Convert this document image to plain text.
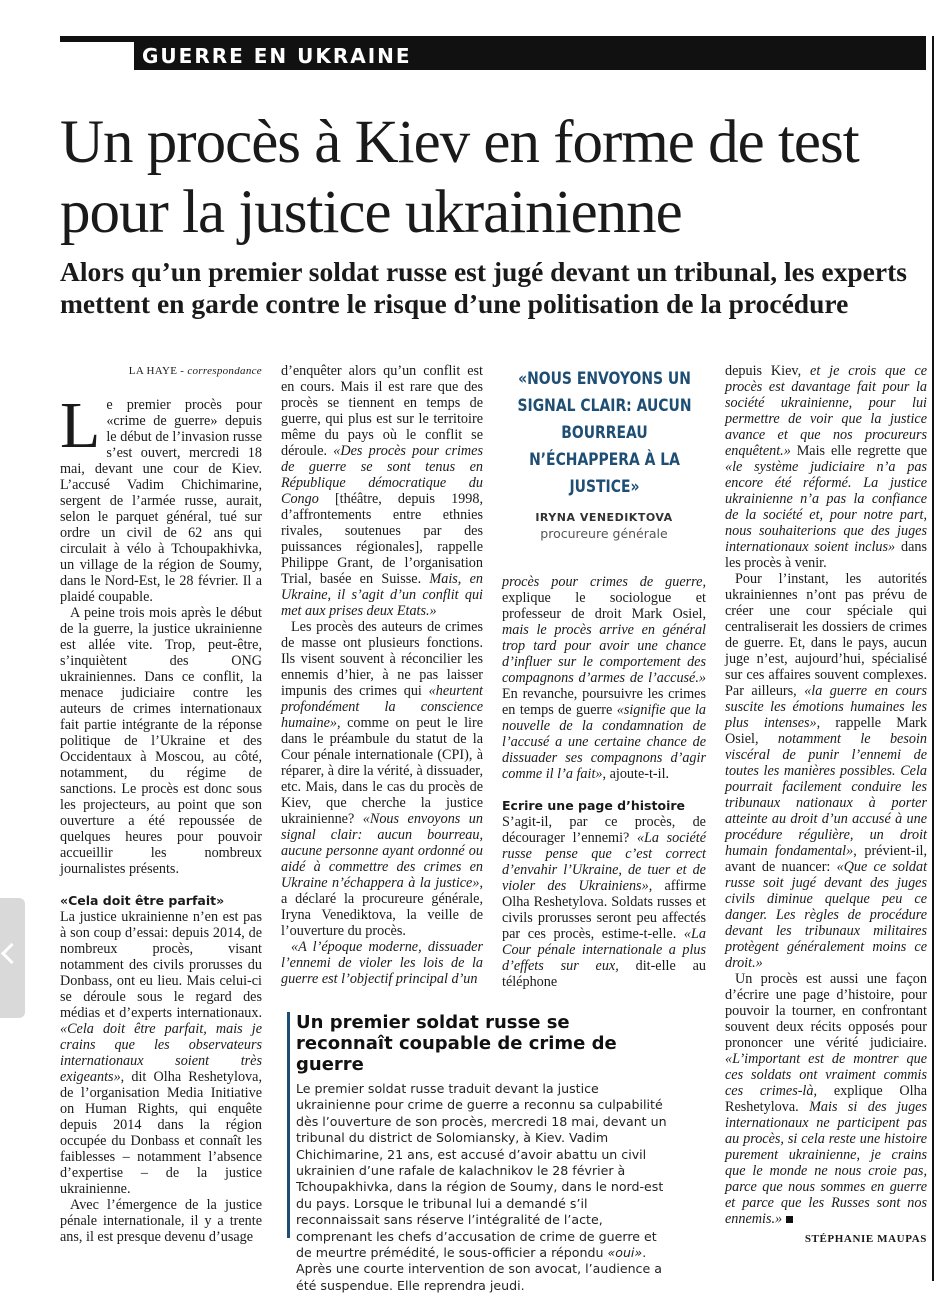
GUERRE EN UKRAINE
Un procès à Kiev en forme de test pour la justice ukrainienne
Alors qu’un premier soldat russe est jugé devant un tribunal, les experts mettent en garde contre le risque d’une politisation de la procédure
LA HAYE - correspondance

Le premier procès pour «crime de guerre» depuis le début de l’invasion russe s’est ouvert, mercredi 18 mai, devant une cour de Kiev. L’accusé Vadim Chichimarine, sergent de l’armée russe, aurait, selon le parquet général, tué sur ordre un civil de 62 ans qui circulait à vélo à Tchoupakhivka, un village de la région de Soumy, dans le Nord-Est, le 28 février. Il a plaidé coupable.

A peine trois mois après le début de la guerre, la justice ukrainienne est allée vite. Trop, peut-être, s’inquiètent des ONG ukrainiennes. Dans ce conflit, la menace judiciaire contre les auteurs de crimes internationaux fait partie intégrante de la réponse politique de l’Ukraine et des Occidentaux à Moscou, au côté, notamment, du régime de sanctions. Le procès est donc sous les projecteurs, au point que son ouverture a été repoussée de quelques heures pour pouvoir accueillir les nombreux journalistes présents.

«Cela doit être parfait»

La justice ukrainienne n’en est pas à son coup d’essai: depuis 2014, de nombreux procès, visant notamment des civils prorusses du Donbass, ont eu lieu. Mais celui-ci se déroule sous le regard des médias et d’experts internationaux. «Cela doit être parfait, mais je crains que les observateurs internationaux soient très exigeants», dit Olha Reshetylova, de l’organisation Media Initiative on Human Rights, qui enquête depuis 2014 dans la région occupée du Donbass et connaît les faiblesses – notamment l’absence d’expertise – de la justice ukrainienne.

Avec l’émergence de la justice pénale internationale, il y a trente ans, il est presque devenu d’usage

d’enquêter alors qu’un conflit est en cours. Mais il est rare que des procès se tiennent en temps de guerre, qui plus est sur le territoire même du pays où le conflit se déroule. «Des procès pour crimes de guerre se sont tenus en République démocratique du Congo [théâtre, depuis 1998, d’affrontements entre ethnies rivales, soutenues par des puissances régionales], rappelle Philippe Grant, de l’organisation Trial, basée en Suisse. Mais, en Ukraine, il s’agit d’un conflit qui met aux prises deux Etats.»

Les procès des auteurs de crimes de masse ont plusieurs fonctions. Ils visent souvent à réconcilier les ennemis d’hier, à ne pas laisser impunis des crimes qui «heurtent profondément la conscience humaine», comme on peut le lire dans le préambule du statut de la Cour pénale internationale (CPI), à réparer, à dire la vérité, à dissuader, etc. Mais, dans le cas du procès de Kiev, que cherche la justice ukrainienne? «Nous envoyons un signal clair: aucun bourreau, aucune personne ayant ordonné ou aidé à commettre des crimes en Ukraine n’échappera à la justice», a déclaré la procureure générale, Iryna Venediktova, la veille de l’ouverture du procès.

«A l’époque moderne, dissuader l’ennemi de violer les lois de la guerre est l’objectif principal d’un

«NOUS ENVOYONS UN SIGNAL CLAIR: AUCUN BOURREAU N’ÉCHAPPERA À LA JUSTICE»
IRYNA VENEDIKTOVA
procureure générale

procès pour crimes de guerre, explique le sociologue et professeur de droit Mark Osiel, mais le procès arrive en général trop tard pour avoir une chance d’influer sur le comportement des compagnons d’armes de l’accusé.» En revanche, poursuivre les crimes en temps de guerre «signifie que la nouvelle de la condamnation de l’accusé a une certaine chance de dissuader ses compagnons d’agir comme il l’a fait», ajoute-t-il.

Ecrire une page d’histoire

S’agit-il, par ce procès, de décourager l’ennemi? «La société russe pense que c’est correct d’envahir l’Ukraine, de tuer et de violer des Ukrainiens», affirme Olha Reshetylova. Soldats russes et civils prorusses seront peu affectés par ces procès, estime-t-elle. «La Cour pénale internationale a plus d’effets sur eux, dit-elle au téléphone

depuis Kiev, et je crois que ce procès est davantage fait pour la société ukrainienne, pour lui permettre de voir que la justice avance et que nos procureurs enquêtent.» Mais elle regrette que «le système judiciaire n’a pas encore été réformé. La justice ukrainienne n’a pas la confiance de la société et, pour notre part, nous souhaiterions que des juges internationaux soient inclus» dans les procès à venir.

Pour l’instant, les autorités ukrainiennes n’ont pas prévu de créer une cour spéciale qui centraliserait les dossiers de crimes de guerre. Et, dans le pays, aucun juge n’est, aujourd’hui, spécialisé sur ces affaires souvent complexes. Par ailleurs, «la guerre en cours suscite les émotions humaines les plus intenses», rappelle Mark Osiel, notamment le besoin viscéral de punir l’ennemi de toutes les manières possibles. Cela pourrait facilement conduire les tribunaux nationaux à porter atteinte au droit d’un accusé à une procédure régulière, un droit humain fondamental», prévient-il, avant de nuancer: «Que ce soldat russe soit jugé devant des juges civils diminue quelque peu ce danger. Les règles de procédure devant les tribunaux militaires protègent généralement moins ce droit.»

Un procès est aussi une façon d’écrire une page d’histoire, pour pouvoir la tourner, en confrontant souvent deux récits opposés pour prononcer une vérité judiciaire. «L’important est de montrer que ces soldats ont vraiment commis ces crimes-là, explique Olha Reshetylova. Mais si des juges internationaux ne participent pas au procès, si cela reste une histoire purement ukrainienne, je crains que le monde ne nous croie pas, parce que nous sommes en guerre et parce que les Russes sont nos ennemis.»

STÉPHANIE MAUPAS
Un premier soldat russe se reconnaît coupable de crime de guerre

Le premier soldat russe traduit devant la justice ukrainienne pour crime de guerre a reconnu sa culpabilité dès l’ouverture de son procès, mercredi 18 mai, devant un tribunal du district de Solomiansky, à Kiev. Vadim Chichimarine, 21 ans, est accusé d’avoir abattu un civil ukrainien d’une rafale de kalachnikov le 28 février à Tchoupakhivka, dans la région de Soumy, dans le nord-est du pays. Lorsque le tribunal lui a demandé s’il reconnaissait sans réserve l’intégralité de l’acte, comprenant les chefs d’accusation de crime de guerre et de meurtre prémédité, le sous-officier a répondu «oui». Après une courte intervention de son avocat, l’audience a été suspendue. Elle reprendra jeudi.
